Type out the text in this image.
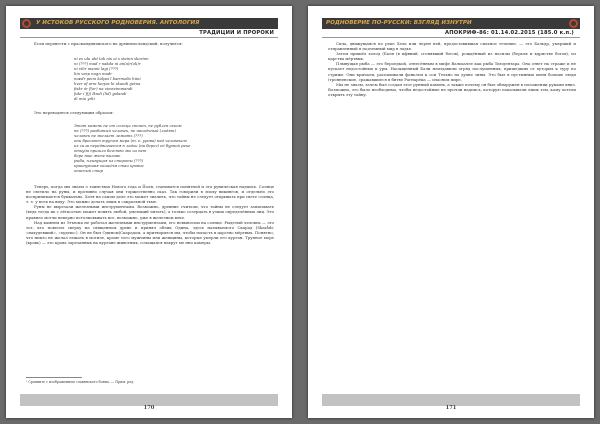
У ИСТОКОВ РУССКОГО РОДНОВЕРИЯ. АНТОЛОГИЯ
ТРАДИЦИИ И ПРОРОКИ

Если перевести с праскандинавского на древнеисландский, получится:

ni es ulu ukt tok nis oi s steinn skorinn
ni (???) mad r nakda ni an(a)r(ok)r
ni vilir manni lagi (???)
hin varp nagn madr
mædr peim kolpai l bærmoðo hüni
hver of arm herjas hi skandi getna
fiskr ór f(or) na vimsvimmandi
fukr í f(j) lkndi (lid) galandi
di miu yrki

Это переводится следующим образом:

Этот камень не от солнца стоит, не рублен секом
не (???) разбитый человек, не насадчный (ладят)
человек не желает лежать (???)
они бросают трупом мера (т. е. урова) над человеком
их сила передвигается в ладьи (на берег) её бурной реке
откуда пришло бегство мы из нет
бере вше жене вызове
рыба, плывущая из стороны (???)
крикнувшая хошедья стаи кровое
опасный стир

Теперь, когда мы знаем о таинствах Нового года и Йоля, становится понятной и эта руническая надпись. Солнце не светило на руны, и противно случая они торжественно сказ. Так говорили в эпоху викингов, и отдельно это воспринимается буквально. Хотя на самом деле это может значить, что тайны не следует открывать при свете солнца, т. е. у всех на виду. Это можно делать лишь в сакральной тьме.

Руны не вырезали железными инструментами. Возможно, древние считали, что тайны не следует записывать (ведь тогда их с лёгкостью может понять любой, умеющий читать), а только созерцать в узких определённых лиц. Это правило могли неверно истолковывать все, возможно, уже в железном веке.

Над камнем из Эгъюма не работал железными инструментами, его невыносим на солнце. Рыдетый человек — это тот, кто повесил сверху на священном древе и принял облик Одина, здесь называемого Скарад (Skarådr, «нахудевший», «худеш»). Он не был Одином(Скарадом, а притворился им, чтобы попасть в царство мёртвых. Понятно, что никто не желал лежать в могиле, кроме того мужчины или женщины, которые умерли его курган. Трупное море (кровь) — это кровь зарезанных на кургане животных, сочащаяся вокруг ме нно камеры.

¹ Сравните с изображением славянского бояна. — Прим. ред.
170
РОДНОВЕРИЕ ПО-РУССКИ: ВЗГЛЯД ИЗНУТРИ
АПОКРИФ-86: 01.14.02.2015 (185.0 к.п.)

Сила, движущаяся по реке Хель или черен ней, предоставившая сильное течение, — это Бальдр, умерший и отправленный в подземный мир в ладье.

Затем пришёл холод (Баля (в ифвний, сгонявший богов), рождённый из насилы (берьля и вдристве богов), из царства мёртвых.

Плывущая рыба — это бероедкой, отнесённым в мифе Вальхалле как рыба Тьюдентара. Она ответ на страже и не пускает недостойных к уры. Насыщенный Бали неиздавили огряд послушенных, пришедших от хуторых к туру по стриже. Они кричали, распахивали фаньлем к оси Тельно на духне зины. Это был в пустынных меня больше люди (тронненские, сражавшиеся в битве Рагнарёка — опасном пире.

Мы не знаем, зачем был создан этот рунный камень, а также почему он был обнаружен в положении руками вниз. Возможно, это было необходимо, чтобы недостойные не прочли надпись, которую показывали лишь тем, кому хотели открыть эту тайну.

171
